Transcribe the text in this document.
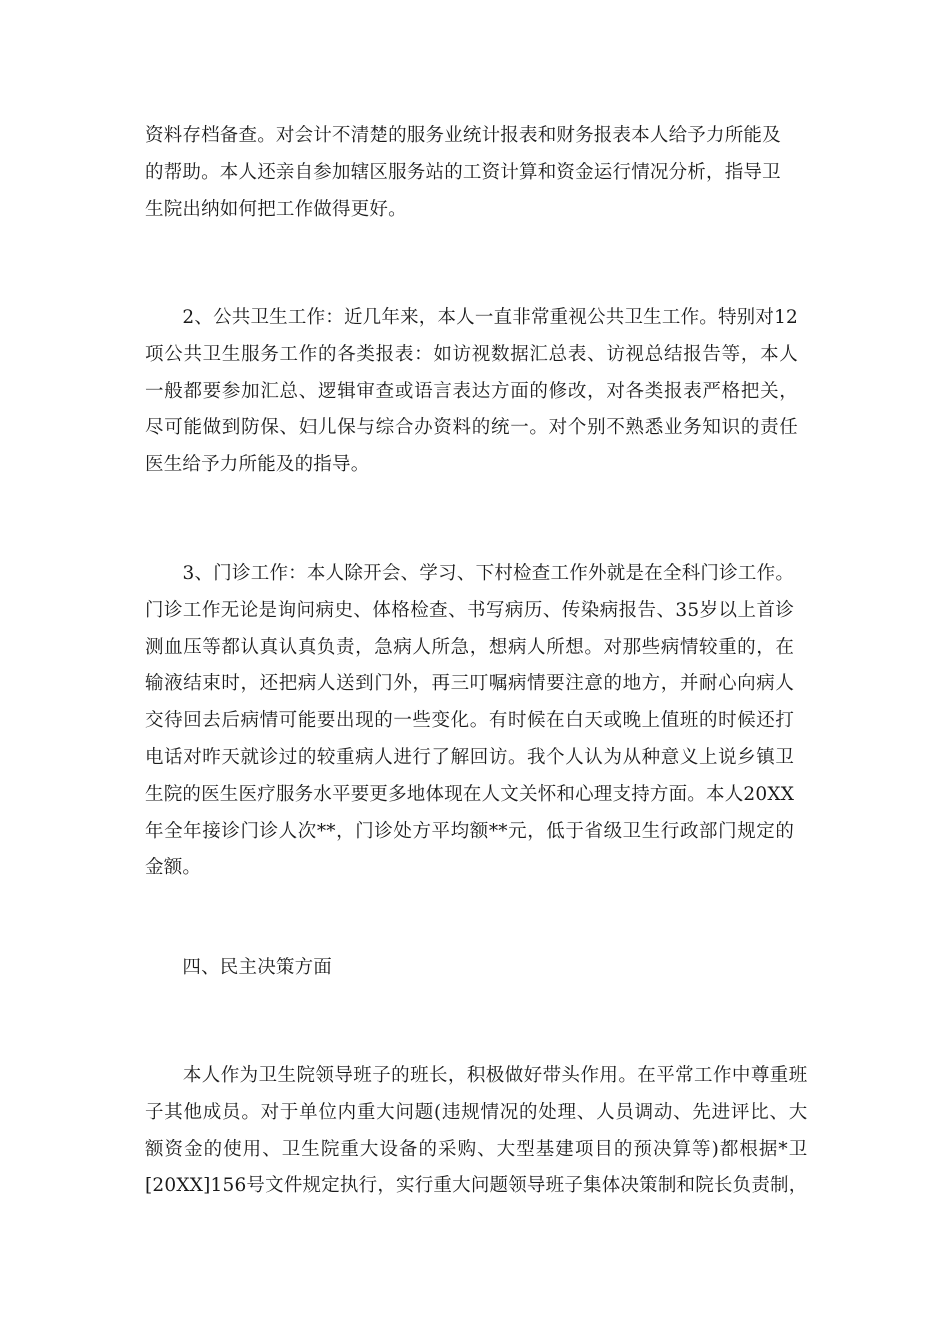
资料存档备查。对会计不清楚的服务业统计报表和财务报表本人给予力所能及
的帮助。本人还亲自参加辖区服务站的工资计算和资金运行情况分析，指导卫
生院出纳如何把工作做得更好。

　　2、公共卫生工作：近几年来，本人一直非常重视公共卫生工作。特别对12
项公共卫生服务工作的各类报表：如访视数据汇总表、访视总结报告等，本人
一般都要参加汇总、逻辑审查或语言表达方面的修改，对各类报表严格把关，
尽可能做到防保、妇儿保与综合办资料的统一。对个别不熟悉业务知识的责任
医生给予力所能及的指导。

　　3、门诊工作：本人除开会、学习、下村检查工作外就是在全科门诊工作。
门诊工作无论是询问病史、体格检查、书写病历、传染病报告、35岁以上首诊
测血压等都认真认真负责，急病人所急，想病人所想。对那些病情较重的，在
输液结束时，还把病人送到门外，再三叮嘱病情要注意的地方，并耐心向病人
交待回去后病情可能要出现的一些变化。有时候在白天或晚上值班的时候还打
电话对昨天就诊过的较重病人进行了解回访。我个人认为从种意义上说乡镇卫
生院的医生医疗服务水平要更多地体现在人文关怀和心理支持方面。本人20XX
年全年接诊门诊人次**，门诊处方平均额**元，低于省级卫生行政部门规定的
金额。

　　四、民主决策方面

　　本人作为卫生院领导班子的班长，积极做好带头作用。在平常工作中尊重班
子其他成员。对于单位内重大问题(违规情况的处理、人员调动、先进评比、大
额资金的使用、卫生院重大设备的采购、大型基建项目的预决算等)都根据*卫
[20XX]156号文件规定执行，实行重大问题领导班子集体决策制和院长负责制，
